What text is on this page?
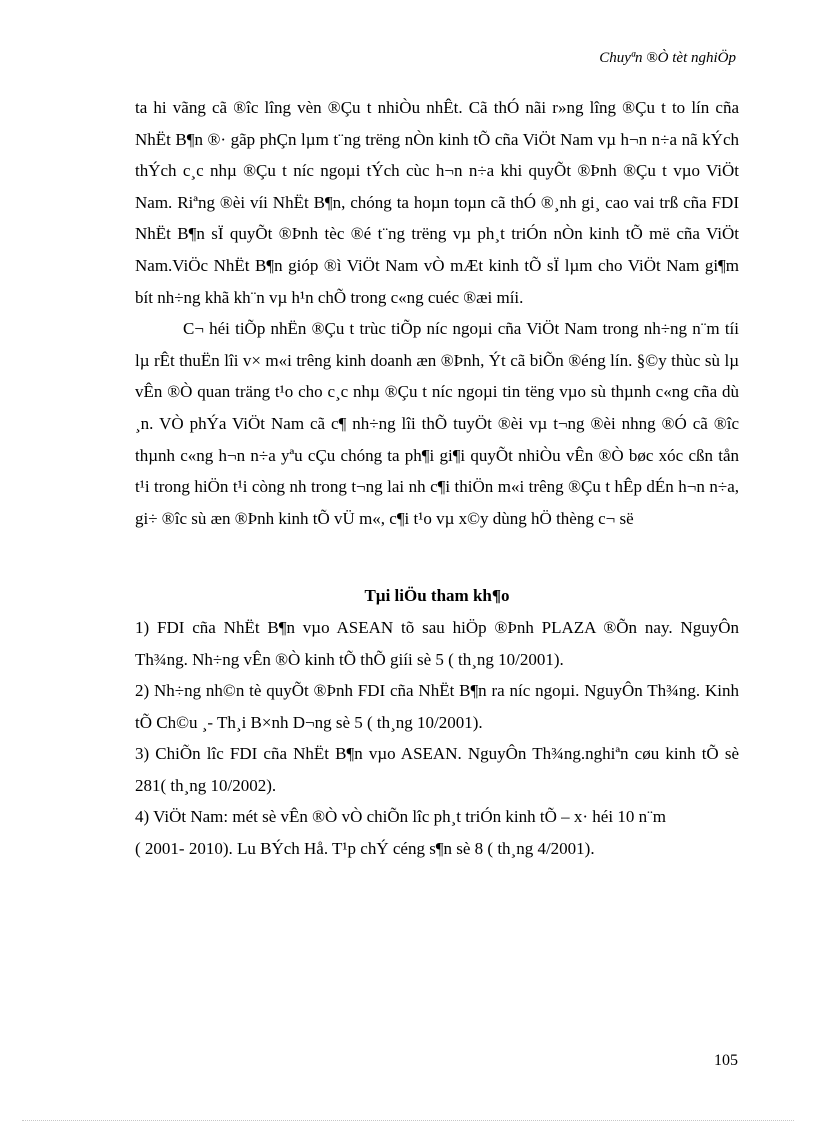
Chuyªn ®Ò tèt nghiÖp

ta hi vãng cã ®îc lîng vèn ®Çu t nhiÒu nhÊt. Cã thÓ nãi r»ng lîng ®Çu t to lín cña NhËt B¶n ®· gãp phÇn lµm t¨ng trëng nÒn kinh tÕ cña ViÖt Nam vµ h¬n n÷a nã kÝch thÝch c¸c nhµ ®Çu t níc ngoµi tÝch cùc h¬n n÷a khi quyÕt ®Þnh ®Çu t vµo ViÖt Nam. Riªng ®èi víi NhËt B¶n, chóng ta hoµn toµn cã thÓ ®¸nh gi¸ cao vai trß cña FDI NhËt B¶n sÏ quyÕt ®Þnh tèc ®é t¨ng trëng vµ ph¸t triÓn nÒn kinh tÕ më cña ViÖt Nam.ViÖc NhËt B¶n gióp ®ì ViÖt Nam vÒ mÆt kinh tÕ sÏ lµm cho ViÖt Nam gi¶m bít nh÷ng khã kh¨n vµ h¹n chÕ trong c«ng cuéc ®æi míi.

C¬ héi tiÕp nhËn ®Çu t trùc tiÕp níc ngoµi cña ViÖt Nam trong nh÷ng n¨m tíi lµ rÊt thuËn lîi v× m«i trêng kinh doanh æn ®Þnh, Ýt cã biÕn ®éng lín. §©y thùc sù lµ vÊn ®Ò quan träng t¹o cho c¸c nhµ ®Çu t níc ngoµi tin tëng vµo sù thµnh c«ng cña dù ¸n. VÒ phÝa ViÖt Nam cã c¶ nh÷ng lîi thÕ tuyÖt ®èi vµ t¬ng ®èi nhng ®Ó cã ®îc thµnh c«ng h¬n n÷a yªu cÇu chóng ta ph¶i gi¶i quyÕt nhiÒu vÊn ®Ò bøc xóc cßn tån t¹i trong hiÖn t¹i còng nh trong t¬ng lai nh c¶i thiÖn m«i trêng ®Çu t hÊp dÉn h¬n n÷a, gi÷ ®îc sù æn ®Þnh kinh tÕ vÜ m«, c¶i t¹o vµ x©y dùng hÖ thèng c¬ së

Tµi liÖu tham kh¶o

1) FDI cña NhËt B¶n vµo ASEAN tõ sau hiÖp ®Þnh PLAZA ®Õn nay. NguyÔn Th¾ng. Nh÷ng vÊn ®Ò kinh tÕ thÕ giíi sè 5 ( th¸ng 10/2001).

2) Nh÷ng nh©n tè quyÕt ®Þnh FDI cña NhËt B¶n ra níc ngoµi. NguyÔn Th¾ng. Kinh tÕ Ch©u ¸- Th¸i B×nh D¬ng sè 5 ( th¸ng 10/2001).

3) ChiÕn lîc FDI cña NhËt B¶n vµo ASEAN. NguyÔn Th¾ng.nghiªn cøu kinh tÕ sè 281( th¸ng 10/2002).

4) ViÖt Nam: mét sè vÊn ®Ò vÒ chiÕn lîc ph¸t triÓn kinh tÕ – x· héi 10 n¨m

( 2001- 2010). Lu BÝch Hå. T¹p chÝ céng s¶n sè 8 ( th¸ng 4/2001).

105
